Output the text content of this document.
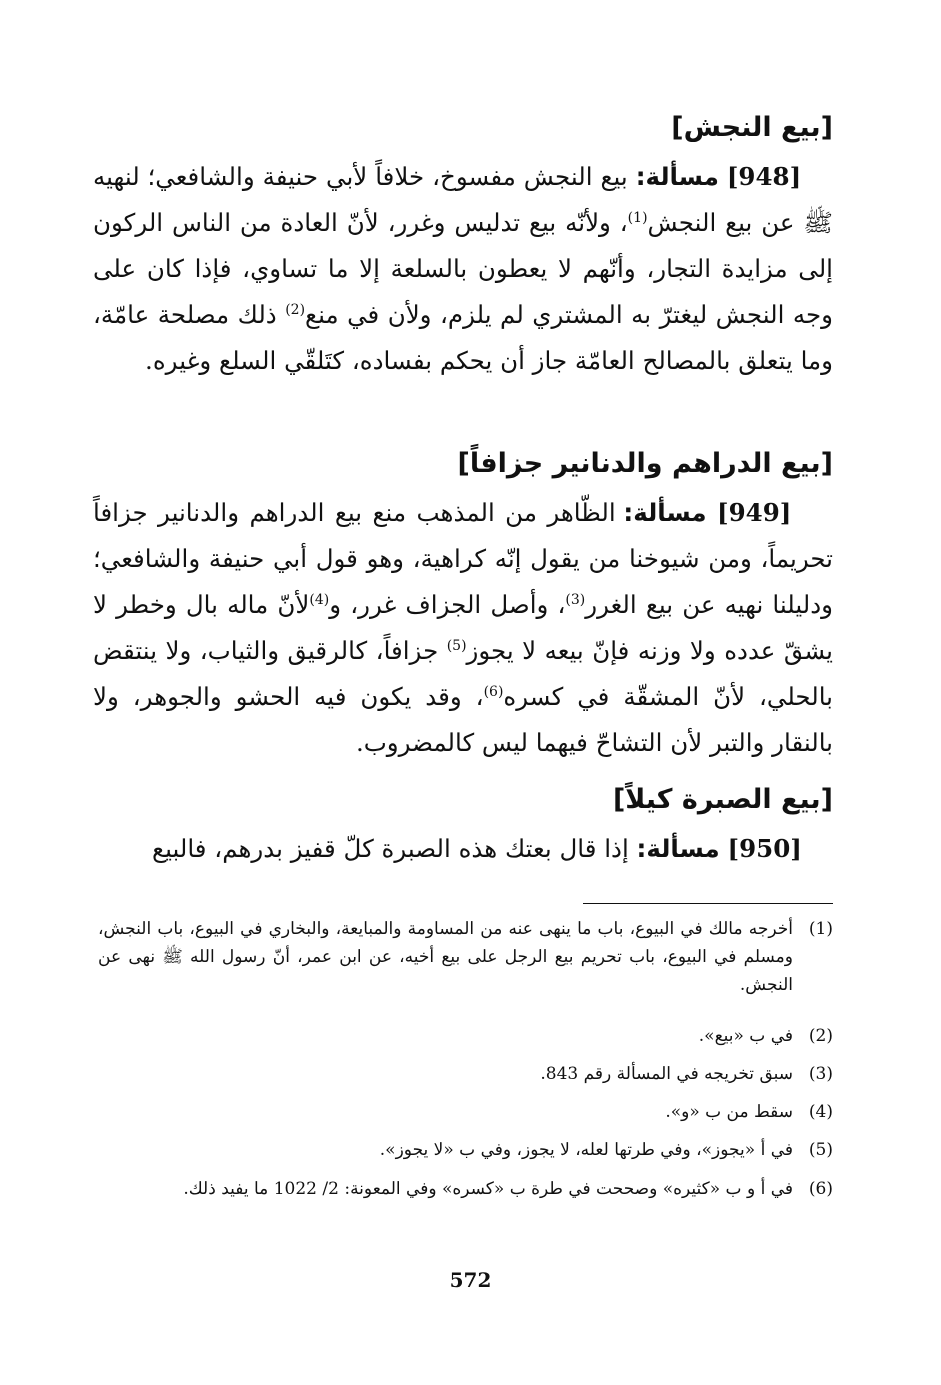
[بيع النجش]
[948] مسألة: بيع النجش مفسوخ، خلافاً لأبي حنيفة والشافعي؛ لنهيه ﷺ عن بيع النجش$^{(1)}$، ولأنّه بيع تدليس وغرر، لأنّ العادة من الناس الركون إلى مزايدة التجار، وأنّهم لا يعطون بالسلعة إلا ما تساوي، فإذا كان على وجه النجش ليغترّ به المشتري لم يلزم، ولأن في منع$^{(2)}$ ذلك مصلحة عامّة، وما يتعلق بالمصالح العامّة جاز أن يحكم بفساده، كتَلقّي السلع وغيره.
[بيع الدراهم والدنانير جزافاً]
[949] مسألة: الظّاهر من المذهب منع بيع الدراهم والدنانير جزافاً تحريماً، ومن شيوخنا من يقول إنّه كراهية، وهو قول أبي حنيفة والشافعي؛ ودليلنا نهيه عن بيع الغرر$^{(3)}$، وأصل الجزاف غرر، و$^{(4)}$لأنّ ماله بال وخطر لا يشقّ عدده ولا وزنه فإنّ بيعه لا يجوز$^{(5)}$ جزافاً، كالرقيق والثياب، ولا ينتقض بالحلي، لأنّ المشقّة في كسره$^{(6)}$، وقد يكون فيه الحشو والجوهر، ولا بالنقار والتبر لأن التشاحّ فيهما ليس كالمضروب.
[بيع الصبرة كيلاً]
[950] مسألة: إذا قال بعتك هذه الصبرة كلّ قفيز بدرهم، فالبيع
(1)
أخرجه مالك في البيوع، باب ما ينهى عنه من المساومة والمبايعة، والبخاري في البيوع، باب النجش، ومسلم في البيوع، باب تحريم بيع الرجل على بيع أخيه، عن ابن عمر، أنّ رسول الله ﷺ نهى عن النجش.
(2)
في ب «بيع».
(3)
سبق تخريجه في المسألة رقم 843.
(4)
سقط من ب «و».
(5)
في أ «يجوز»، وفي طرتها لعله، لا يجوز، وفي ب «لا يجوز».
(6)
في أ و ب «كثيره» وصححت في طرة ب «كسره» وفي المعونة: 2/ 1022 ما يفيد ذلك.
572
